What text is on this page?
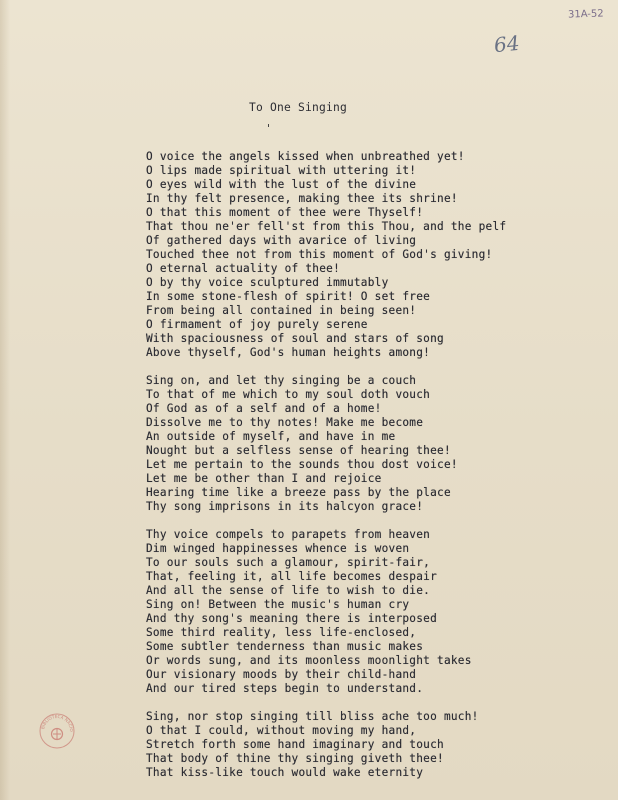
31A-52
64
To One Singing
O voice the angels kissed when unbreathed yet!
O lips made spiritual with uttering it!
O eyes wild with the lust of the divine
In thy felt presence, making thee its shrine!
O that this moment of thee were Thyself!
That thou ne'er fell'st from this Thou, and the pelf
Of gathered days with avarice of living
Touched thee not from this moment of God's giving!
O eternal actuality of thee!
O by thy voice sculptured immutably
In some stone-flesh of spirit! O set free
From being all contained in being seen!
O firmament of joy purely serene
With spaciousness of soul and stars of song
Above thyself, God's human heights among!
Sing on, and let thy singing be a couch
To that of me which to my soul doth vouch
Of God as of a self and of a home!
Dissolve me to thy notes! Make me become
An outside of myself, and have in me
Nought but a selfless sense of hearing thee!
Let me pertain to the sounds thou dost voice!
Let me be other than I and rejoice
Hearing time like a breeze pass by the place
Thy song imprisons in its halcyon grace!
Thy voice compels to parapets from heaven
Dim winged happinesses whence is woven
To our souls such a glamour, spirit-fair,
That, feeling it, all life becomes despair
And all the sense of life to wish to die.
Sing on! Between the music's human cry
And thy song's meaning there is interposed
Some third reality, less life-enclosed,
Some subtler tenderness than music makes
Or words sung, and its moonless moonlight takes
Our visionary moods by their child-hand
And our tired steps begin to understand.
Sing, nor stop singing till bliss ache too much!
O that I could, without moving my hand,
Stretch forth some hand imaginary and touch
That body of thine thy singing giveth thee!
That kiss-like touch would wake eternity
BIBLIOTECA NACIO
